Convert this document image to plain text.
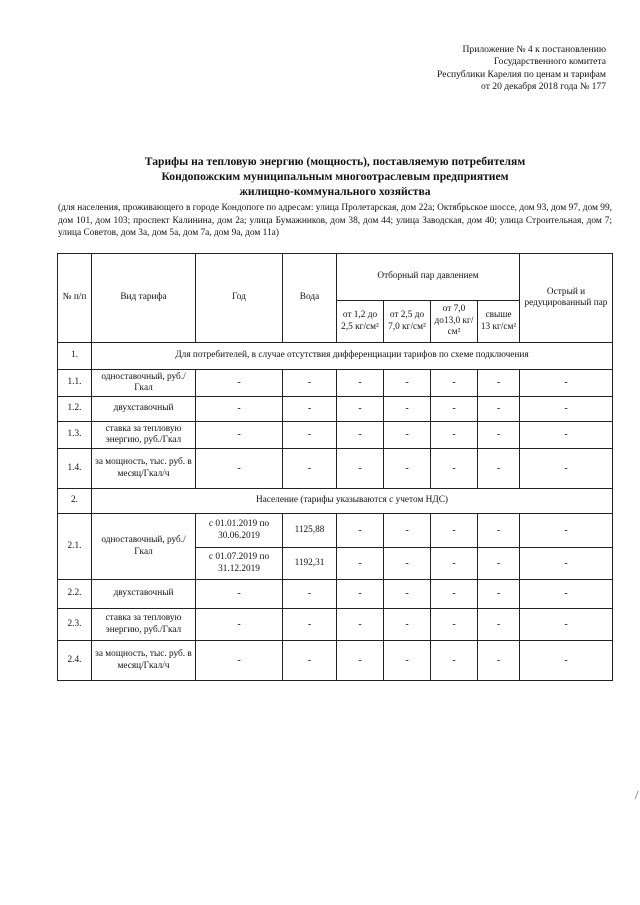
Приложение № 4 к постановлению
Государственного комитета
Республики Карелия по ценам и тарифам
от 20 декабря 2018 года № 177
Тарифы на тепловую энергию (мощность), поставляемую потребителям
Кондопожским муниципальным многоотраслевым предприятием
жилищно-коммунального хозяйства
(для населения, проживающего в городе Кондопоге по адресам: улица Пролетарская, дом 22а; Октябрьское шоссе, дом 93, дом 97, дом 99, дом 101, дом 103; проспект Калинина, дом 2а; улица Бумажников, дом 38, дом 44; улица Заводская, дом 40; улица Строительная, дом 7; улица Советов, дом 3а, дом 5а, дом 7а, дом 9а, дом 11а)
№ п/п	Вид тарифа	Год	Вода	Отборный пар давлением				Острый и редуцированный пар
				от 1,2 до 2,5 кг/см²	от 2,5 до 7,0 кг/см²	от 7,0 до13,0 кг/см²	свыше 13 кг/см²	
1.	Для потребителей, в случае отсутствия дифференциации тарифов по схеме подключения							
1.1.	одноставочный, руб./Гкал	-	-	-	-	-	-	-
1.2.	двухставочный	-	-	-	-	-	-	-
1.3.	ставка за тепловую энергию, руб./Гкал	-	-	-	-	-	-	-
1.4.	за мощность, тыс. руб. в месяц/Гкал/ч	-	-	-	-	-	-	-
2.	Население (тарифы указываются с учетом НДС)							
2.1.	одноставочный, руб./Гкал	с 01.01.2019 по 30.06.2019	1125,88	-	-	-	-	-
		с 01.07.2019 по 31.12.2019	1192,31	-	-	-	-	-
2.2.	двухставочный	-	-	-	-	-	-	-
2.3.	ставка за тепловую энергию, руб./Гкал	-	-	-	-	-	-	-
2.4.	за мощность, тыс. руб. в месяц/Гкал/ч	-	-	-	-	-	-	-
